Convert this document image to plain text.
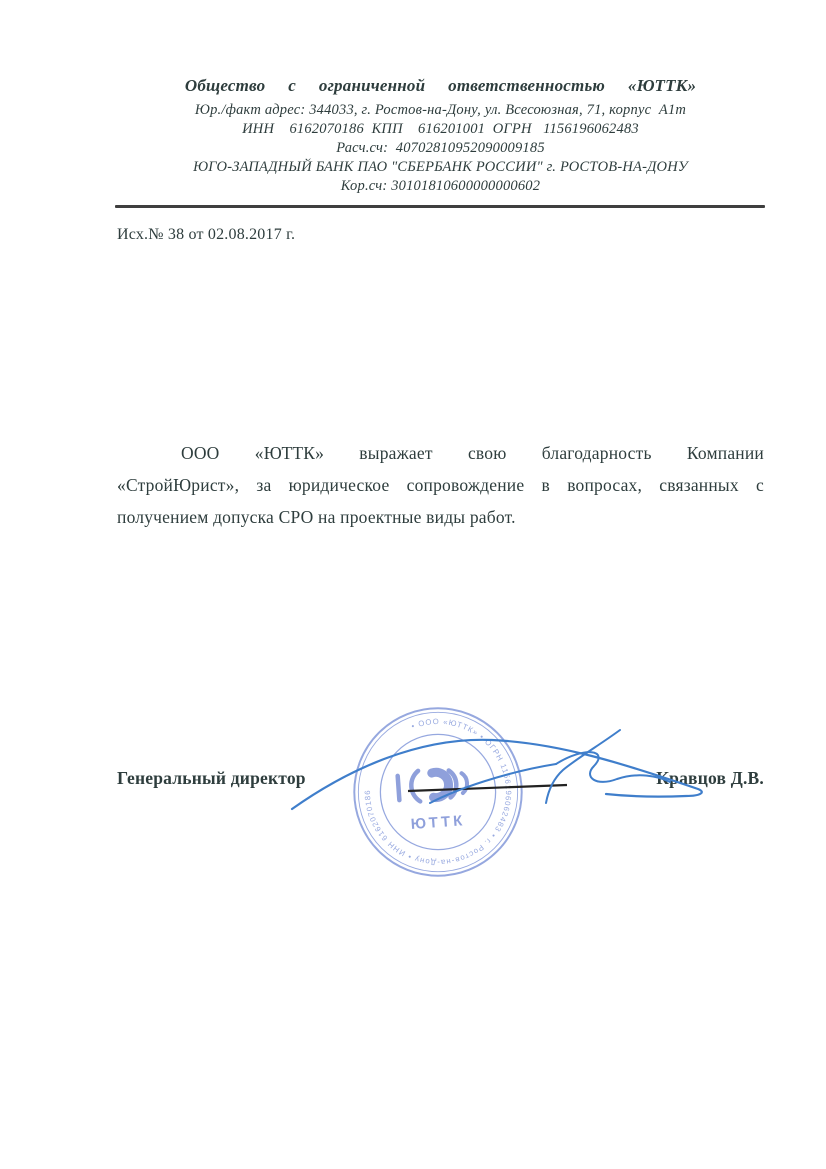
Общество  с  ограниченной  ответственностью  «ЮТТК»
Юр./факт адрес: 344033, г. Ростов-на-Дону, ул. Всесоюзная, 71, корпус  А1т
ИНН    6162070186  КПП    616201001  ОГРН   1156196062483
Расч.сч:  40702810952090009185
ЮГО-ЗАПАДНЫЙ БАНК ПАО "СБЕРБАНК РОССИИ" г. РОСТОВ-НА-ДОНУ
Кор.сч: 30101810600000000602
Исх.№ 38 от 02.08.2017 г.
ООО «ЮТТК» выражает свою благодарность Компании
«СтройЮрист», за юридическое сопровождение в вопросах, связанных с
получением допуска СРО на проектные виды работ.
Генеральный директор	Кравцов Д.В.
• ООО «ЮТТК» • ОГРН 1156196062483 • г. Ростов-на-Дону • ИНН 6162070186
ЮТТК
